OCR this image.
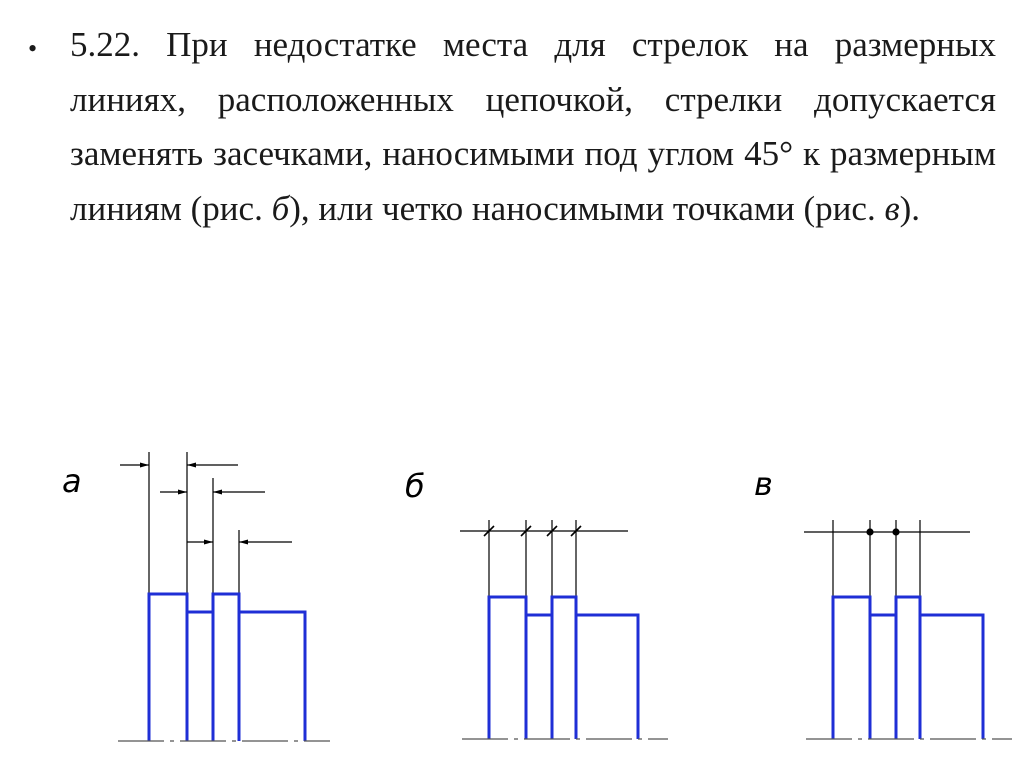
• 5.22. При недостатке места для стрелок на размерных линиях, расположенных цепочкой, стрелки допускается заменять засечками, наносимыми под углом 45° к размерным линиям (рис. б), или четко наносимыми точками (рис. в).
а	б	в
